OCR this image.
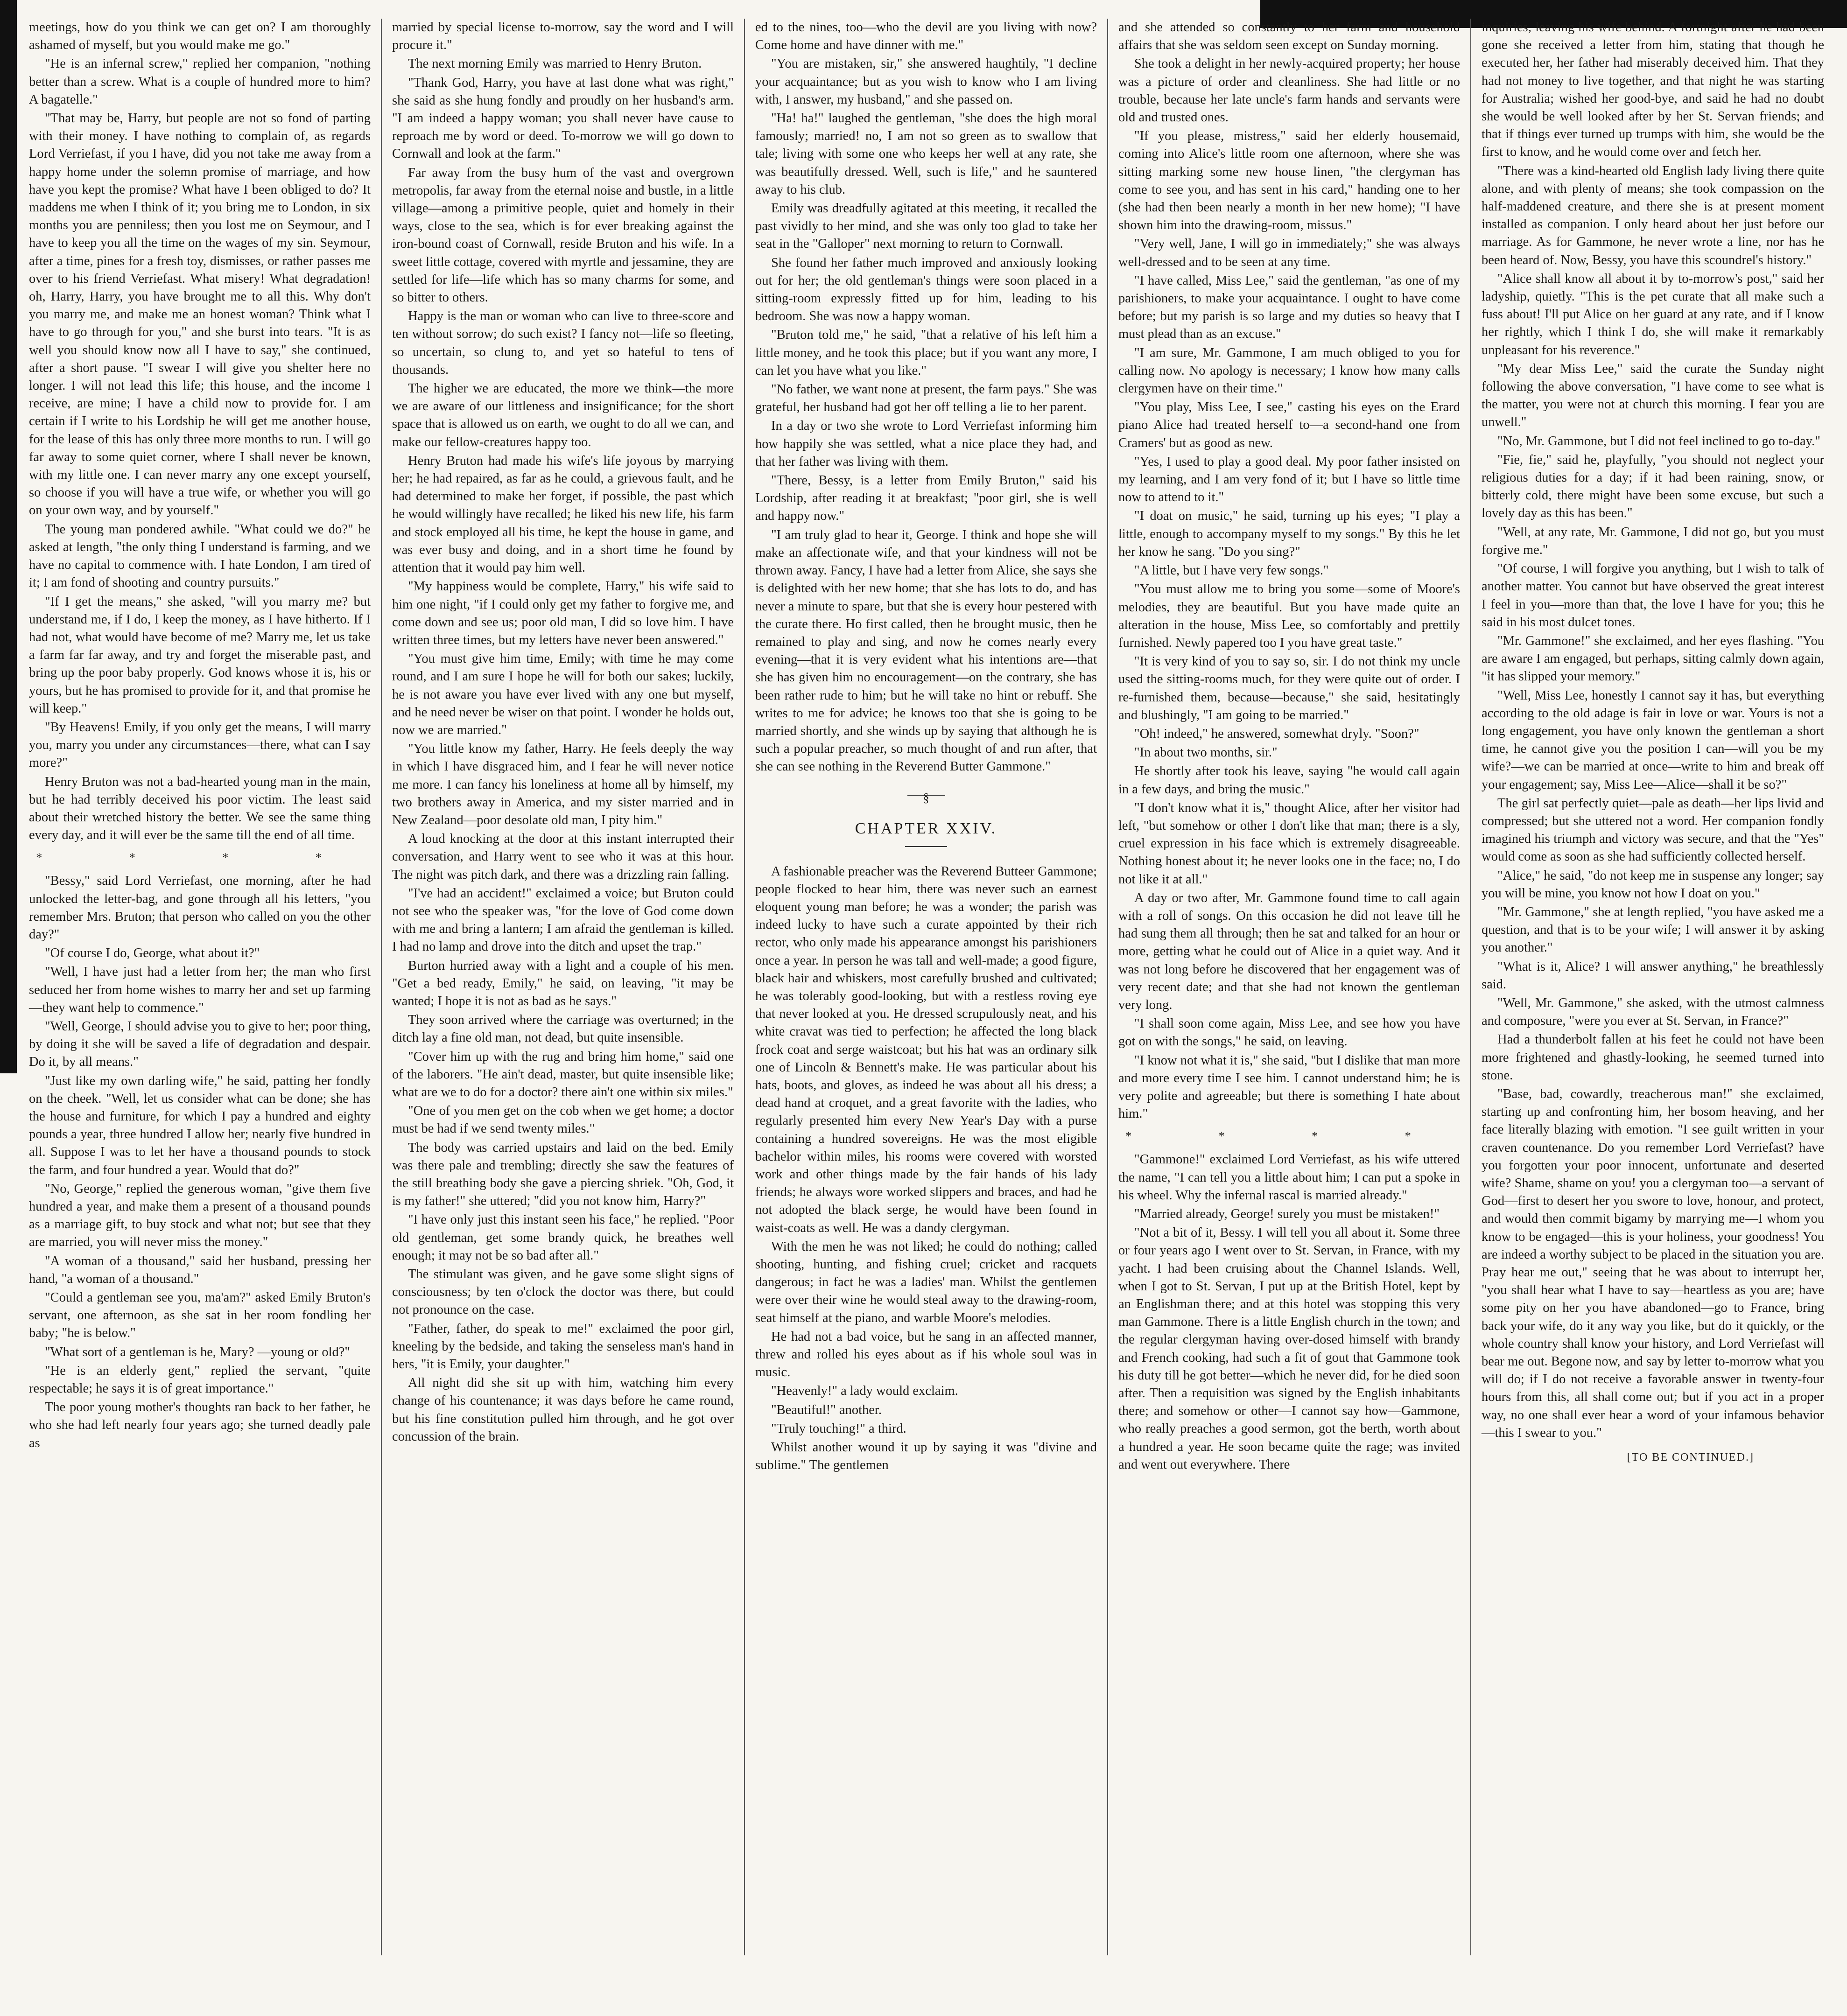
meetings, how do you think we can get on? I am thoroughly ashamed of myself, but you would make me go."

"He is an infernal screw," replied her companion, "nothing better than a screw. What is a couple of hundred more to him? A bagatelle."

"That may be, Harry, but people are not so fond of parting with their money. I have nothing to complain of, as regards Lord Verriefast, if you I have, did you not take me away from a happy home under the solemn promise of marriage, and how have you kept the promise? What have I been obliged to do? It maddens me when I think of it; you bring me to London, in six months you are penniless; then you lost me on Seymour, and I have to keep you all the time on the wages of my sin. Seymour, after a time, pines for a fresh toy, dismisses, or rather passes me over to his friend Verriefast. What misery! What degradation! oh, Harry, Harry, you have brought me to all this. Why don't you marry me, and make me an honest woman? Think what I have to go through for you," and she burst into tears. "It is as well you should know now all I have to say," she continued, after a short pause. "I swear I will give you shelter here no longer. I will not lead this life; this house, and the income I receive, are mine; I have a child now to provide for. I am certain if I write to his Lordship he will get me another house, for the lease of this has only three more months to run. I will go far away to some quiet corner, where I shall never be known, with my little one. I can never marry any one except yourself, so choose if you will have a true wife, or whether you will go on your own way, and by yourself."

The young man pondered awhile. "What could we do?" he asked at length, "the only thing I understand is farming, and we have no capital to commence with. I hate London, I am tired of it; I am fond of shooting and country pursuits."

"If I get the means," she asked, "will you marry me? but understand me, if I do, I keep the money, as I have hitherto. If I had not, what would have become of me? Marry me, let us take a farm far far away, and try and forget the miserable past, and bring up the poor baby properly. God knows whose it is, his or yours, but he has promised to provide for it, and that promise he will keep."

"By Heavens! Emily, if you only get the means, I will marry you, marry you under any circumstances—there, what can I say more?"

Henry Bruton was not a bad-hearted young man in the main, but he had terribly deceived his poor victim. The least said about their wretched history the better. We see the same thing every day, and it will ever be the same till the end of all time.

* * * *

"Bessy," said Lord Verriefast, one morning, after he had unlocked the letter-bag, and gone through all his letters, "you remember Mrs. Bruton; that person who called on you the other day?"

"Of course I do, George, what about it?"

"Well, I have just had a letter from her; the man who first seduced her from home wishes to marry her and set up farming—they want help to commence."

"Well, George, I should advise you to give to her; poor thing, by doing it she will be saved a life of degradation and despair. Do it, by all means."

"Just like my own darling wife," he said, patting her fondly on the cheek. "Well, let us consider what can be done; she has the house and furniture, for which I pay a hundred and eighty pounds a year, three hundred I allow her; nearly five hundred in all. Suppose I was to let her have a thousand pounds to stock the farm, and four hundred a year. Would that do?"

"No, George," replied the generous woman, "give them five hundred a year, and make them a present of a thousand pounds as a marriage gift, to buy stock and what not; but see that they are married, you will never miss the money."

"A woman of a thousand," said her husband, pressing her hand, "a woman of a thousand."

"Could a gentleman see you, ma'am?" asked Emily Bruton's servant, one afternoon, as she sat in her room fondling her baby; "he is below."

"What sort of a gentleman is he, Mary? —young or old?"

"He is an elderly gent," replied the servant, "quite respectable; he says it is of great importance."

The poor young mother's thoughts ran back to her father, he who she had left nearly four years ago; she turned deadly pale as

married by special license to-morrow, say the word and I will procure it."

The next morning Emily was married to Henry Bruton.

"Thank God, Harry, you have at last done what was right," she said as she hung fondly and proudly on her husband's arm. "I am indeed a happy woman; you shall never have cause to reproach me by word or deed. To-morrow we will go down to Cornwall and look at the farm."

Far away from the busy hum of the vast and overgrown metropolis, far away from the eternal noise and bustle, in a little village—among a primitive people, quiet and homely in their ways, close to the sea, which is for ever breaking against the iron-bound coast of Cornwall, reside Bruton and his wife. In a sweet little cottage, covered with myrtle and jessamine, they are settled for life—life which has so many charms for some, and so bitter to others.

Happy is the man or woman who can live to three-score and ten without sorrow; do such exist? I fancy not—life so fleeting, so uncertain, so clung to, and yet so hateful to tens of thousands.

The higher we are educated, the more we think—the more we are aware of our littleness and insignificance; for the short space that is allowed us on earth, we ought to do all we can, and make our fellow-creatures happy too.

Henry Bruton had made his wife's life joyous by marrying her; he had repaired, as far as he could, a grievous fault, and he had determined to make her forget, if possible, the past which he would willingly have recalled; he liked his new life, his farm and stock employed all his time, he kept the house in game, and was ever busy and doing, and in a short time he found by attention that it would pay him well.

"My happiness would be complete, Harry," his wife said to him one night, "if I could only get my father to forgive me, and come down and see us; poor old man, I did so love him. I have written three times, but my letters have never been answered."

"You must give him time, Emily; with time he may come round, and I am sure I hope he will for both our sakes; luckily, he is not aware you have ever lived with any one but myself, and he need never be wiser on that point. I wonder he holds out, now we are married."

"You little know my father, Harry. He feels deeply the way in which I have disgraced him, and I fear he will never notice me more. I can fancy his loneliness at home all by himself, my two brothers away in America, and my sister married and in New Zealand—poor desolate old man, I pity him."

A loud knocking at the door at this instant interrupted their conversation, and Harry went to see who it was at this hour. The night was pitch dark, and there was a drizzling rain falling.

"I've had an accident!" exclaimed a voice; but Bruton could not see who the speaker was, "for the love of God come down with me and bring a lantern; I am afraid the gentleman is killed. I had no lamp and drove into the ditch and upset the trap."

Burton hurried away with a light and a couple of his men. "Get a bed ready, Emily," he said, on leaving, "it may be wanted; I hope it is not as bad as he says."

They soon arrived where the carriage was overturned; in the ditch lay a fine old man, not dead, but quite insensible.

"Cover him up with the rug and bring him home," said one of the laborers. "He ain't dead, master, but quite insensible like; what are we to do for a doctor? there ain't one within six miles."

"One of you men get on the cob when we get home; a doctor must be had if we send twenty miles."

The body was carried upstairs and laid on the bed. Emily was there pale and trembling; directly she saw the features of the still breathing body she gave a piercing shriek. "Oh, God, it is my father!" she uttered; "did you not know him, Harry?"

"I have only just this instant seen his face," he replied. "Poor old gentleman, get some brandy quick, he breathes well enough; it may not be so bad after all."

The stimulant was given, and he gave some slight signs of consciousness; by ten o'clock the doctor was there, but could not pronounce on the case.

"Father, father, do speak to me!" exclaimed the poor girl, kneeling by the bedside, and taking the senseless man's hand in hers, "it is Emily, your daughter."

All night did she sit up with him, watching him every change of his countenance; it was days before he came round, but his fine constitution pulled him through, and he got over concussion of the brain.

ed to the nines, too—who the devil are you living with now? Come home and have dinner with me."

"You are mistaken, sir," she answered haughtily, "I decline your acquaintance; but as you wish to know who I am living with, I answer, my husband," and she passed on.

"Ha! ha!" laughed the gentleman, "she does the high moral famously; married! no, I am not so green as to swallow that tale; living with some one who keeps her well at any rate, she was beautifully dressed. Well, such is life," and he sauntered away to his club.

Emily was dreadfully agitated at this meeting, it recalled the past vividly to her mind, and she was only too glad to take her seat in the "Galloper" next morning to return to Cornwall.

She found her father much improved and anxiously looking out for her; the old gentleman's things were soon placed in a sitting-room expressly fitted up for him, leading to his bedroom. She was now a happy woman.

"Bruton told me," he said, "that a relative of his left him a little money, and he took this place; but if you want any more, I can let you have what you like."

"No father, we want none at present, the farm pays." She was grateful, her husband had got her off telling a lie to her parent.

In a day or two she wrote to Lord Verriefast informing him how happily she was settled, what a nice place they had, and that her father was living with them.

"There, Bessy, is a letter from Emily Bruton," said his Lordship, after reading it at breakfast; "poor girl, she is well and happy now."

"I am truly glad to hear it, George. I think and hope she will make an affectionate wife, and that your kindness will not be thrown away. Fancy, I have had a letter from Alice, she says she is delighted with her new home; that she has lots to do, and has never a minute to spare, but that she is every hour pestered with the curate there. Ho first called, then he brought music, then he remained to play and sing, and now he comes nearly every evening—that it is very evident what his intentions are—that she has given him no encouragement—on the contrary, she has been rather rude to him; but he will take no hint or rebuff. She writes to me for advice; he knows too that she is going to be married shortly, and she winds up by saying that although he is such a popular preacher, so much thought of and run after, that she can see nothing in the Reverend Butter Gammone."

§
CHAPTER XXIV.

A fashionable preacher was the Reverend Butteer Gammone; people flocked to hear him, there was never such an earnest eloquent young man before; he was a wonder; the parish was indeed lucky to have such a curate appointed by their rich rector, who only made his appearance amongst his parishioners once a year. In person he was tall and well-made; a good figure, black hair and whiskers, most carefully brushed and cultivated; he was tolerably good-looking, but with a restless roving eye that never looked at you. He dressed scrupulously neat, and his white cravat was tied to perfection; he affected the long black frock coat and serge waistcoat; but his hat was an ordinary silk one of Lincoln & Bennett's make. He was particular about his hats, boots, and gloves, as indeed he was about all his dress; a dead hand at croquet, and a great favorite with the ladies, who regularly presented him every New Year's Day with a purse containing a hundred sovereigns. He was the most eligible bachelor within miles, his rooms were covered with worsted work and other things made by the fair hands of his lady friends; he always wore worked slippers and braces, and had he not adopted the black serge, he would have been found in waist-coats as well. He was a dandy clergyman.

With the men he was not liked; he could do nothing; called shooting, hunting, and fishing cruel; cricket and racquets dangerous; in fact he was a ladies' man. Whilst the gentlemen were over their wine he would steal away to the drawing-room, seat himself at the piano, and warble Moore's melodies.

He had not a bad voice, but he sang in an affected manner, threw and rolled his eyes about as if his whole soul was in music.

"Heavenly!" a lady would exclaim.

"Beautiful!" another.

"Truly touching!" a third.

Whilst another wound it up by saying it was "divine and sublime." The gentlemen

and she attended so constantly to her farm and household affairs that she was seldom seen except on Sunday morning.

She took a delight in her newly-acquired property; her house was a picture of order and cleanliness. She had little or no trouble, because her late uncle's farm hands and servants were old and trusted ones.

"If you please, mistress," said her elderly housemaid, coming into Alice's little room one afternoon, where she was sitting marking some new house linen, "the clergyman has come to see you, and has sent in his card," handing one to her (she had then been nearly a month in her new home); "I have shown him into the drawing-room, missus."

"Very well, Jane, I will go in immediately;" she was always well-dressed and to be seen at any time.

"I have called, Miss Lee," said the gentleman, "as one of my parishioners, to make your acquaintance. I ought to have come before; but my parish is so large and my duties so heavy that I must plead than as an excuse."

"I am sure, Mr. Gammone, I am much obliged to you for calling now. No apology is necessary; I know how many calls clergymen have on their time."

"You play, Miss Lee, I see," casting his eyes on the Erard piano Alice had treated herself to—a second-hand one from Cramers' but as good as new.

"Yes, I used to play a good deal. My poor father insisted on my learning, and I am very fond of it; but I have so little time now to attend to it."

"I doat on music," he said, turning up his eyes; "I play a little, enough to accompany myself to my songs." By this he let her know he sang. "Do you sing?"

"A little, but I have very few songs."

"You must allow me to bring you some—some of Moore's melodies, they are beautiful. But you have made quite an alteration in the house, Miss Lee, so comfortably and prettily furnished. Newly papered too I you have great taste."

"It is very kind of you to say so, sir. I do not think my uncle used the sitting-rooms much, for they were quite out of order. I re-furnished them, because—because," she said, hesitatingly and blushingly, "I am going to be married."

"Oh! indeed," he answered, somewhat dryly. "Soon?"

"In about two months, sir."

He shortly after took his leave, saying "he would call again in a few days, and bring the music."

"I don't know what it is," thought Alice, after her visitor had left, "but somehow or other I don't like that man; there is a sly, cruel expression in his face which is extremely disagreeable. Nothing honest about it; he never looks one in the face; no, I do not like it at all."

A day or two after, Mr. Gammone found time to call again with a roll of songs. On this occasion he did not leave till he had sung them all through; then he sat and talked for an hour or more, getting what he could out of Alice in a quiet way. And it was not long before he discovered that her engagement was of very recent date; and that she had not known the gentleman very long.

"I shall soon come again, Miss Lee, and see how you have got on with the songs," he said, on leaving.

"I know not what it is," she said, "but I dislike that man more and more every time I see him. I cannot understand him; he is very polite and agreeable; but there is something I hate about him."

* * * *

"Gammone!" exclaimed Lord Verriefast, as his wife uttered the name, "I can tell you a little about him; I can put a spoke in his wheel. Why the infernal rascal is married already."

"Married already, George! surely you must be mistaken!"

"Not a bit of it, Bessy. I will tell you all about it. Some three or four years ago I went over to St. Servan, in France, with my yacht. I had been cruising about the Channel Islands. Well, when I got to St. Servan, I put up at the British Hotel, kept by an Englishman there; and at this hotel was stopping this very man Gammone. There is a little English church in the town; and the regular clergyman having over-dosed himself with brandy and French cooking, had such a fit of gout that Gammone took his duty till he got better—which he never did, for he died soon after. Then a requisition was signed by the English inhabitants there; and somehow or other—I cannot say how—Gammone, who really preaches a good sermon, got the berth, worth about a hundred a year. He soon became quite the rage; was invited and went out everywhere. There

inquiries, leaving his wife behind. A fortnight after he had been gone she received a letter from him, stating that though he executed her, her father had miserably deceived him. That they had not money to live together, and that night he was starting for Australia; wished her good-bye, and said he had no doubt she would be well looked after by her St. Servan friends; and that if things ever turned up trumps with him, she would be the first to know, and he would come over and fetch her.

"There was a kind-hearted old English lady living there quite alone, and with plenty of means; she took compassion on the half-maddened creature, and there she is at present moment installed as companion. I only heard about her just before our marriage. As for Gammone, he never wrote a line, nor has he been heard of. Now, Bessy, you have this scoundrel's history."

"Alice shall know all about it by to-morrow's post," said her ladyship, quietly. "This is the pet curate that all make such a fuss about! I'll put Alice on her guard at any rate, and if I know her rightly, which I think I do, she will make it remarkably unpleasant for his reverence."

"My dear Miss Lee," said the curate the Sunday night following the above conversation, "I have come to see what is the matter, you were not at church this morning. I fear you are unwell."

"No, Mr. Gammone, but I did not feel inclined to go to-day."

"Fie, fie," said he, playfully, "you should not neglect your religious duties for a day; if it had been raining, snow, or bitterly cold, there might have been some excuse, but such a lovely day as this has been."

"Well, at any rate, Mr. Gammone, I did not go, but you must forgive me."

"Of course, I will forgive you anything, but I wish to talk of another matter. You cannot but have observed the great interest I feel in you—more than that, the love I have for you; this he said in his most dulcet tones.

"Mr. Gammone!" she exclaimed, and her eyes flashing. "You are aware I am engaged, but perhaps, sitting calmly down again, "it has slipped your memory."

"Well, Miss Lee, honestly I cannot say it has, but everything according to the old adage is fair in love or war. Yours is not a long engagement, you have only known the gentleman a short time, he cannot give you the position I can—will you be my wife?—we can be married at once—write to him and break off your engagement; say, Miss Lee—Alice—shall it be so?"

The girl sat perfectly quiet—pale as death—her lips livid and compressed; but she uttered not a word. Her companion fondly imagined his triumph and victory was secure, and that the "Yes" would come as soon as she had sufficiently collected herself.

"Alice," he said, "do not keep me in suspense any longer; say you will be mine, you know not how I doat on you."

"Mr. Gammone," she at length replied, "you have asked me a question, and that is to be your wife; I will answer it by asking you another."

"What is it, Alice? I will answer anything," he breathlessly said.

"Well, Mr. Gammone," she asked, with the utmost calmness and composure, "were you ever at St. Servan, in France?"

Had a thunderbolt fallen at his feet he could not have been more frightened and ghastly-looking, he seemed turned into stone.

"Base, bad, cowardly, treacherous man!" she exclaimed, starting up and confronting him, her bosom heaving, and her face literally blazing with emotion. "I see guilt written in your craven countenance. Do you remember Lord Verriefast? have you forgotten your poor innocent, unfortunate and deserted wife? Shame, shame on you! you a clergyman too—a servant of God—first to desert her you swore to love, honour, and protect, and would then commit bigamy by marrying me—I whom you know to be engaged—this is your holiness, your goodness! You are indeed a worthy subject to be placed in the situation you are. Pray hear me out," seeing that he was about to interrupt her, "you shall hear what I have to say—heartless as you are; have some pity on her you have abandoned—go to France, bring back your wife, do it any way you like, but do it quickly, or the whole country shall know your history, and Lord Verriefast will bear me out. Begone now, and say by letter to-morrow what you will do; if I do not receive a favorable answer in twenty-four hours from this, all shall come out; but if you act in a proper way, no one shall ever hear a word of your infamous behavior—this I swear to you."

[TO BE CONTINUED.]
